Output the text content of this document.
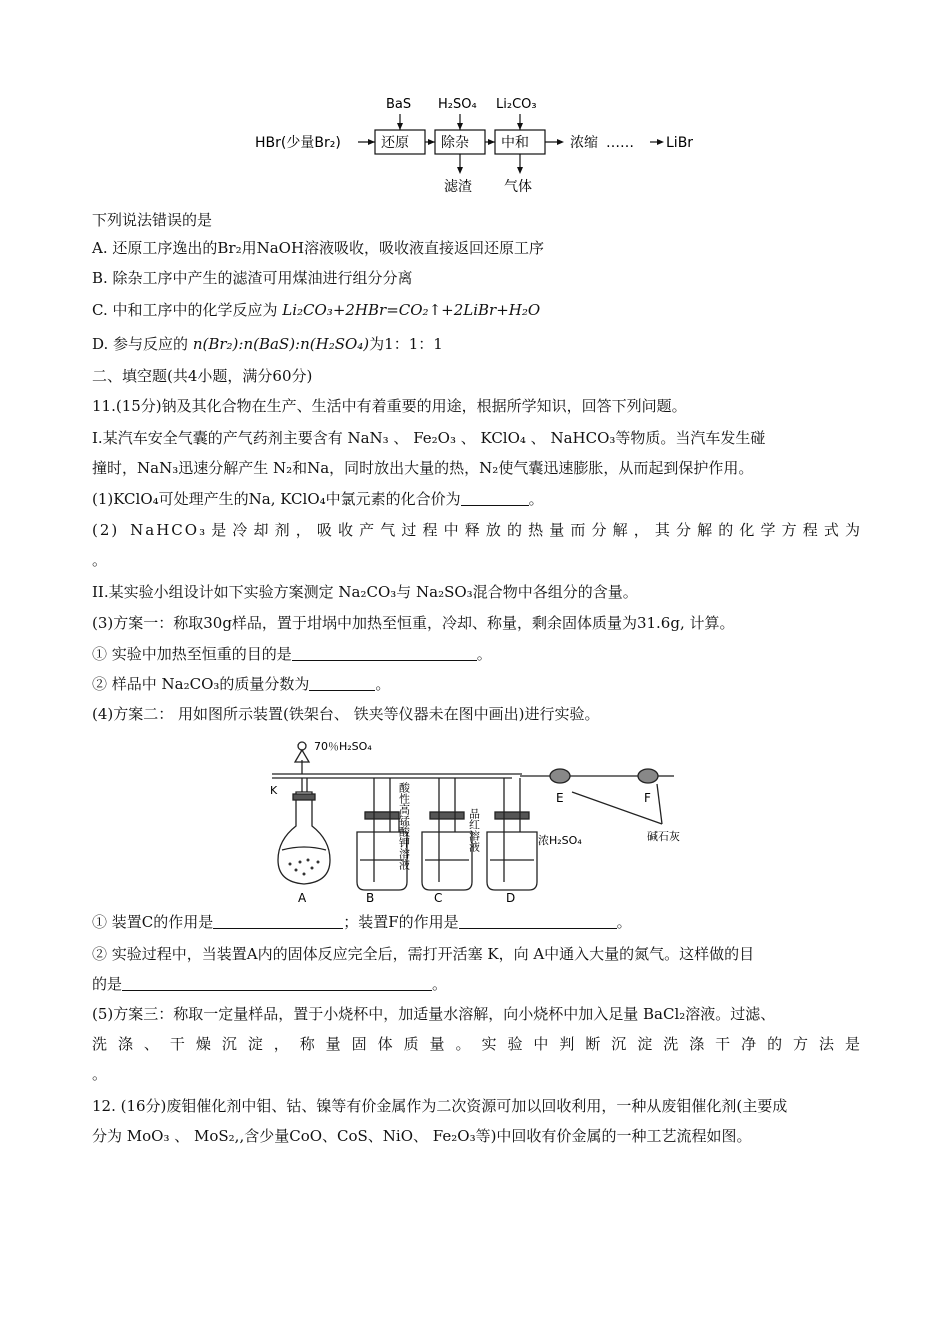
HBr(少量Br₂)	还原 除杂 中和
BaS H₂SO₄ Li₂CO₃
滤渣 气体
浓缩 …… LiBr
下列说法错误的是
A. 还原工序逸出的Br₂用NaOH溶液吸收，吸收液直接返回还原工序
B. 除杂工序中产生的滤渣可用煤油进行组分分离
C. 中和工序中的化学反应为 Li₂CO₃+2HBr=CO₂↑+2LiBr+H₂O
D. 参与反应的 n(Br₂):n(BaS):n(H₂SO₄)为1：1：1
二、填空题(共4小题，满分60分)
11.(15分)钠及其化合物在生产、生活中有着重要的用途，根据所学知识，回答下列问题。
I.某汽车安全气囊的产气药剂主要含有 NaN₃ 、 Fe₂O₃ 、 KClO₄ 、 NaHCO₃等物质。当汽车发生碰
撞时，NaN₃迅速分解产生 N₂和Na，同时放出大量的热，N₂使气囊迅速膨胀，从而起到保护作用。
(1)KClO₄可处理产生的Na, KClO₄中氯元素的化合价为	。
(2) NaHCO₃是冷却剂，吸收产气过程中释放的热量而分解，其分解的化学方程式为
。
II.某实验小组设计如下实验方案测定 Na₂CO₃与 Na₂SO₃混合物中各组分的含量。
(3)方案一：称取30g样品，置于坩埚中加热至恒重，冷却、称量，剩余固体质量为31.6g, 计算。
① 实验中加热至恒重的目的是	。
② 样品中 Na₂CO₃的质量分数为	。
(4)方案二： 用如图所示装置(铁架台、 铁夹等仪器未在图中画出)进行实验。
70％H₂SO₄
K	酸性高锰酸钾溶液	品红溶液	浓H₂SO₄
A	B	C	D
E	F
碱石灰
① 装置C的作用是	；装置F的作用是	。
② 实验过程中，当装置A内的固体反应完全后，需打开活塞 K，向 A中通入大量的氮气。这样做的目
的是	。
(5)方案三：称取一定量样品，置于小烧杯中，加适量水溶解，向小烧杯中加入足量 BaCl₂溶液。过滤、
洗涤、干燥沉淀，称量固体质量。实验中判断沉淀洗涤干净的方法是
。
12. (16分)废钼催化剂中钼、钴、镍等有价金属作为二次资源可加以回收利用，一种从废钼催化剂(主要成
分为 MoO₃ 、 MoS₂,,含少量CoO、CoS、NiO、 Fe₂O₃等)中回收有价金属的一种工艺流程如图。
